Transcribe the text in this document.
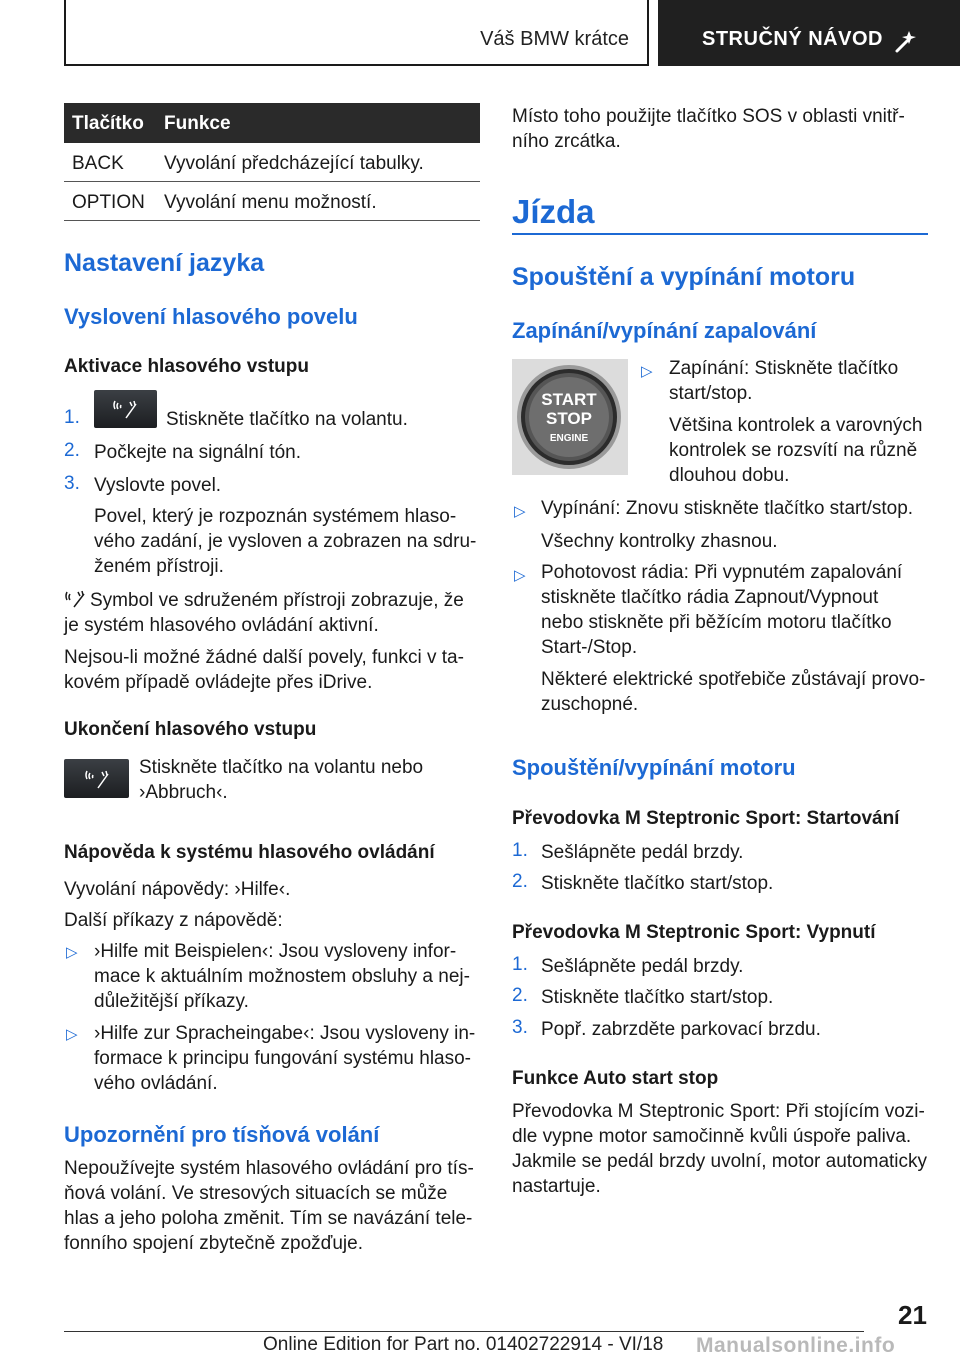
Váš BMW krátce	STRUČNÝ NÁVOD
Tlačítko Funkce
BACK Vyvolání předcházející tabulky.
OPTION Vyvolání menu možností.
Nastavení jazyka
Vyslovení hlasového povelu
Aktivace hlasového vstupu
1.	Stiskněte tlačítko na volantu.
2. Počkejte na signální tón.
3. Vyslovte povel.

Povel, který je rozpoznán systémem hlaso-

vého zadání, je vysloven a zobrazen na sdru-

ženém přístroji.

Symbol ve sdruženém přístroji zobrazuje, že

je systém hlasového ovládání aktivní.

Nejsou-li možné žádné další povely, funkci v ta-

kovém případě ovládejte přes iDrive.

Ukončení hlasového vstupu

Stiskněte tlačítko na volantu nebo

›Abbruch‹.

Nápověda k systému hlasového ovládání

Vyvolání nápovědy: ›Hilfe‹.

Další příkazy z nápovědě:

▷ ›Hilfe mit Beispielen‹: Jsou vysloveny infor-

mace k aktuálním možnostem obsluhy a nej-

důležitější příkazy.

▷ ›Hilfe zur Spracheingabe‹: Jsou vysloveny in-

formace k principu fungování systému hlaso-

vého ovládání.

Upozornění pro tísňová volání

Nepoužívejte systém hlasového ovládání pro tís-

ňová volání. Ve stresových situacích se může

hlas a jeho poloha změnit. Tím se navázání tele-

fonního spojení zbytečně zpožďuje.

Místo toho použijte tlačítko SOS v oblasti vnitř-

ního zrcátka.

Jízda
Spouštění a vypínání motoru
Zapínání/vypínání zapalování
START
STOP
ENGINE
▷ Zapínání: Stiskněte tlačítko

start/stop.

Většina kontrolek a varovných

kontrolek se rozsvítí na různě

dlouhou dobu.

▷ Vypínání: Znovu stiskněte tlačítko start/stop.

Všechny kontrolky zhasnou.

▷ Pohotovost rádia: Při vypnutém zapalování

stiskněte tlačítko rádia Zapnout/Vypnout

nebo stiskněte při běžícím motoru tlačítko

Start-/Stop.

Některé elektrické spotřebiče zůstávají provo-

zuschopné.

Spouštění/vypínání motoru
Převodovka M Steptronic Sport: Startování
1. Sešlápněte pedál brzdy.
2. Stiskněte tlačítko start/stop.
Převodovka M Steptronic Sport: Vypnutí
1. Sešlápněte pedál brzdy.
2. Stiskněte tlačítko start/stop.
3. Popř. zabrzděte parkovací brzdu.
Funkce Auto start stop

Převodovka M Steptronic Sport: Při stojícím vozi-

dle vypne motor samočinně kvůli úspoře paliva.

Jakmile se pedál brzdy uvolní, motor automaticky

nastartuje.

21
Online Edition for Part no. 01402722914 - VI/18 Manualsonline.info
